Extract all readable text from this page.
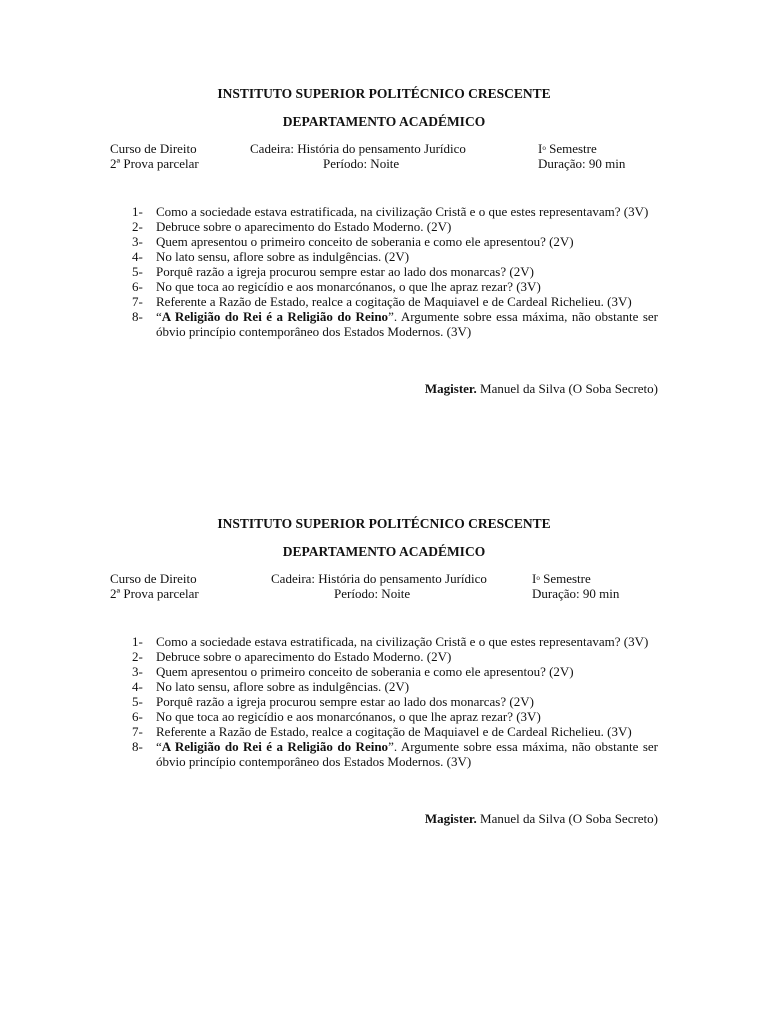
INSTITUTO SUPERIOR POLITÉCNICO CRESCENTE

DEPARTAMENTO ACADÉMICO

Curso de Direito	Cadeira: História do pensamento Jurídico	$I^o$ Semestre
2ª Prova parcelar	Período: Noite	Duração: 90 min
1- Como a sociedade estava estratificada, na civilização Cristã e o que estes representavam? (3V)
2- Debruce sobre o aparecimento do Estado Moderno. (2V)
3- Quem apresentou o primeiro conceito de soberania e como ele apresentou? (2V)
4- No lato sensu, aflore sobre as indulgências. (2V)
5- Porquê razão a igreja procurou sempre estar ao lado dos monarcas? (2V)
6- No que toca ao regicídio e aos monarcónanos, o que lhe apraz rezar? (3V)
7- Referente a Razão de Estado, realce a cogitação de Maquiavel e de Cardeal Richelieu. (3V)
8- “A Religião do Rei é a Religião do Reino”. Argumente sobre essa máxima, não obstante ser óbvio princípio contemporâneo dos Estados Modernos. (3V)
Magister. Manuel da Silva (O Soba Secreto)

INSTITUTO SUPERIOR POLITÉCNICO CRESCENTE

DEPARTAMENTO ACADÉMICO

Curso de Direito	Cadeira: História do pensamento Jurídico	$I^o$ Semestre
2ª Prova parcelar	Período: Noite	Duração: 90 min
1- Como a sociedade estava estratificada, na civilização Cristã e o que estes representavam? (3V)
2- Debruce sobre o aparecimento do Estado Moderno. (2V)
3- Quem apresentou o primeiro conceito de soberania e como ele apresentou? (2V)
4- No lato sensu, aflore sobre as indulgências. (2V)
5- Porquê razão a igreja procurou sempre estar ao lado dos monarcas? (2V)
6- No que toca ao regicídio e aos monarcónanos, o que lhe apraz rezar? (3V)
7- Referente a Razão de Estado, realce a cogitação de Maquiavel e de Cardeal Richelieu. (3V)
8- “A Religião do Rei é a Religião do Reino”. Argumente sobre essa máxima, não obstante ser óbvio princípio contemporâneo dos Estados Modernos. (3V)
Magister. Manuel da Silva (O Soba Secreto)
